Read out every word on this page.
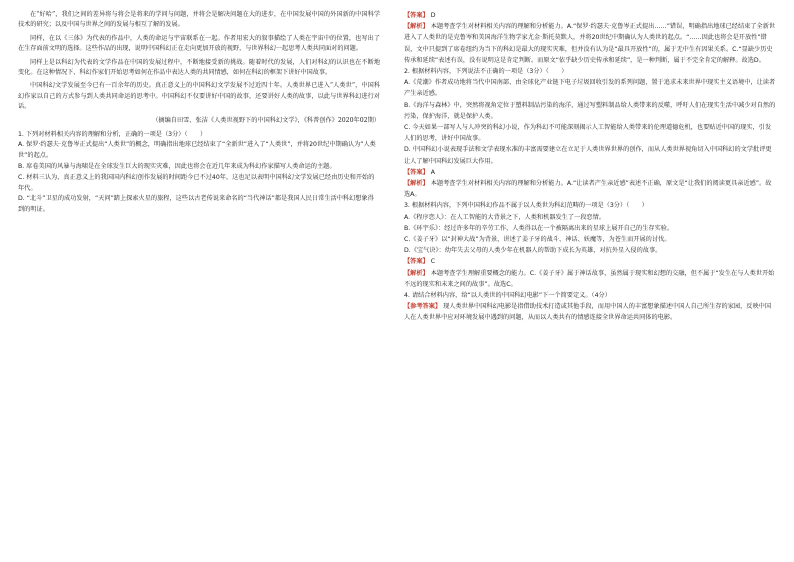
在“好哈”，我们之间的差异将与将会是将来的学问与问题，并将会是解决问题在大的进步，在中国发展中国的外国新的中国科学技术的研究；以及中国与世界之间的发展与相互了解的发展。

同样，在以《三体》为代表的作品中，人类的命运与宇宙联系在一起。作者用宏大的叙事描绘了人类在宇宙中的位置，也写出了在生存面前文明的选择。这些作品的出现，说明中国科幻正在走向更加开放的视野，与世界科幻一起思考人类共同面对的问题。

同样上是以科幻为代表的文学作品在中国的发展过程中，不断地接受新的挑战。随着时代的发展，人们对科幻的认识也在不断地变化。在这种情况下，科幻作家们开始思考如何在作品中表达人类的共同情感，如何在科幻的框架下讲好中国故事。

中国科幻文学发展至今已有一百余年的历史。真正意义上的中国科幻文学发展不过近四十年。人类世界已进入“人类世”，中国科幻作家以自己的方式参与到人类共同命运的思考中。中国科幻不仅要讲好中国的故事，还要讲好人类的故事，以此与世界科幻进行对话。

（摘编自田雪、张洁《人类世视野下的中国科幻文学》，《科普创作》2020年02期）

1. 下列对材料相关内容的理解和分析，正确的一项是（3分）（　　）

A. 保罗·约瑟夫·克鲁岑正式提出“人类世”的概念，明确指出地球已经结束了“全新世”进入了“人类世”，并将20世纪中期确认为“人类世”的起点。

B. 席卷美国的风暴与海啸是在全球发生巨大的现实灾难，因此也将会在近几年来成为科幻作家描写人类命运的主题。

C. 材料三认为，真正意义上的我国国内科幻创作发展的时间距今已不过40年，这也足以表明中国科幻文学发展已经由历史和开始的年代。

D. “北斗”卫星的成功发射，“天问”踏上探索火星的旅程，这些以古老传说来命名的“当代神话”都是我国人民日常生活中科幻想象得到的明证。

【答案】 D

【解析】 本题考查学生对材料相关内容的理解和分析能力。A.“保罗·约瑟夫·克鲁岑正式提出……”错误，明确指出地球已经结束了全新世进入了人类世的是克鲁岑和美国海洋生物学家尤金·斯托莫默人，并将20世纪中期确认为人类世的起点。“……因此也将会是开放性”错误，文中只提到了席卷纽约为当下的科幻是最大的现实灾难，但并没有认为是“最具开放性”的，属于无中生有因果关系。C.“显缺少历史传承和延续”表述有误，没有说明这是肯定判断。而原文“依乎缺少历史传承和延续”，是一种判断，属于不完全肯定的解释。故选D。

2. 根据材料内容，下列说法不正确的一项是（3分）（　　）

A.《荒潮》作者成功地将当代中国南部、由全球化产业链下电子垃圾回收引发的系列问题，置于追求未来世界中现实主义语境中，让读者产生亲近感。

B.《海洋与森林》中，突然将视角定位于塑料制品污染的海洋，通过写塑料制品给人类带来的反噬，呼吁人们在现实生活中减少对自然的污染，保护海洋，就是保护人类。

C. 今天如果一部写人与人冲突的科幻小说，作为科幻不可能深刻揭示人工智能给人类带来的伦理道德危机，也要贴近中国的现实，引发人们的思考，讲好中国故事。

D. 中国科幻小说表现手法和文学表现水准的丰富需要建立在立足于人类世界世界的创作，而从人类世界视角切入中国科幻的文学批评更让人了解中国科幻发展巨大作用。

【答案】 A

【解析】 本题考查学生对材料相关内容的理解和分析能力。A.“让读者产生亲近感”表述不正确，原文是“让我们的阅读更具亲近感”。故选A。

3. 根据材料内容，下列中国科幻作品不属于以人类世为科幻范畴的一项是（3分）（　　）

A.《程序恋人》：在人工智能的大背景之下，人类和机器发生了一段恋情。

B.《环宇乐》：经过许多年的辛劳工作，人类得以在一个被隔离出来的星球上展开自己的生存实验。

C.《姜子牙》以“封神大战”为背景，讲述了姜子牙的战斗、神话、妖魔等，为苍生而开展的讨伐。

D.《宝气诀》：幼年失去父母的人类少年在机器人的帮助下成长为英雄，对抗外星入侵的故事。

【答案】 C

【解析】 本题考查学生理解重要概念的能力。C.《姜子牙》属于神话故事，虽然属于现实和幻想的交融，但不属于“发生在与人类世开始不远的现实和未来之间的故事”。故选C。

4. 请结合材料内容，给“以人类世的中国科幻电影”下一个简要定义。（4分）

【参考答案】 现人类世界中国科幻电影是指借助技术打造或其他手段，而用中国人的丰富想象描述中国人自己所生存的家园，反映中国人在人类世界中应对环境发展中遇到的问题，从而以人类共有的情感连接全世界命运共同体的电影。
